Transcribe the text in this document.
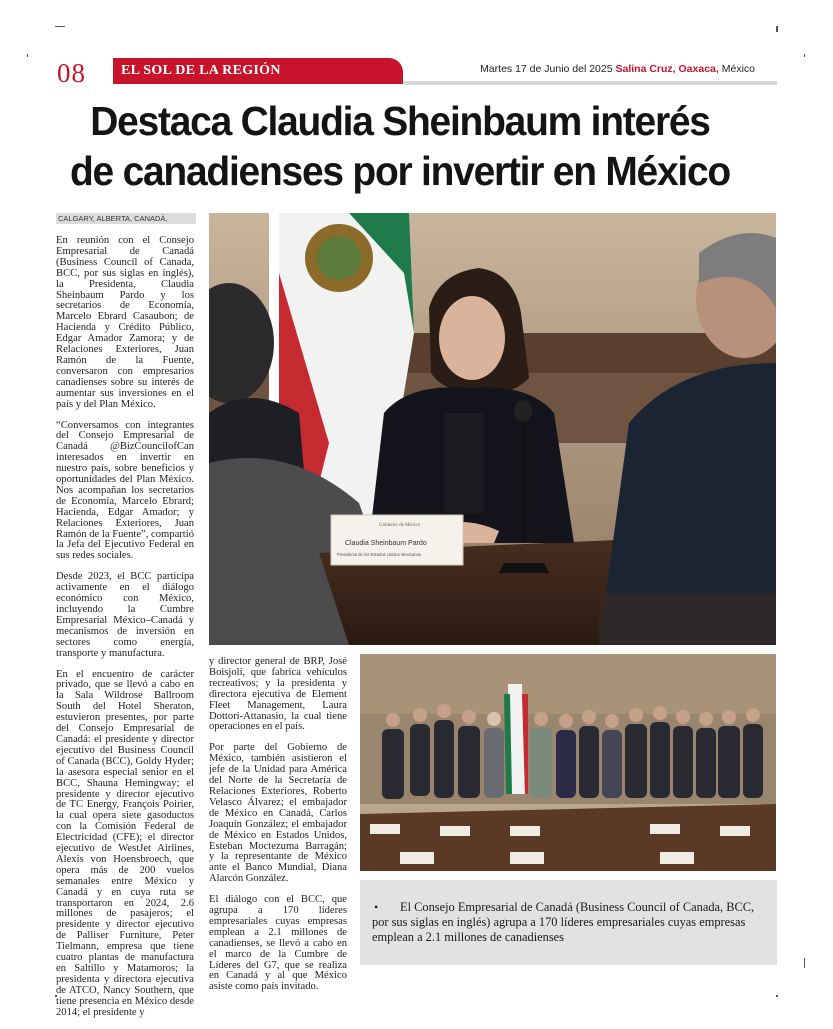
08	EL SOL DE LA REGIÓN	Martes 17 de Junio del 2025 Salina Cruz, Oaxaca, México
Destaca Claudia Sheinbaum interés
de canadienses por invertir en México
CALGARY, ALBERTA, CANADÁ,

En reunión con el Consejo Empresarial de Canadá (Business Council of Canada, BCC, por sus siglas en inglés), la Presidenta, Claudia Sheinbaum Pardo y los secretarios de Economía, Marcelo Ebrard Casaubon; de Hacienda y Crédito Público, Edgar Amador Zamora; y de Relaciones Exteriores, Juan Ramón de la Fuente, conversaron con empresarios canadienses sobre su interés de aumentar sus inversiones en el país y del Plan México.

“Conversamos con integrantes del Consejo Empresarial de Canadá @BizCouncilofCan interesados en invertir en nuestro país, sobre beneficios y oportunidades del Plan México. Nos acompañan los secretarios de Economía, Marcelo Ebrard; Hacienda, Edgar Amador; y Relaciones Exteriores, Juan Ramón de la Fuente”, compartió la Jefa del Ejecutivo Federal en sus redes sociales.

Desde 2023, el BCC participa activamente en el diálogo económico con México, incluyendo la Cumbre Empresarial México–Canadá y mecanismos de inversión en sectores como energía, transporte y manufactura.

En el encuentro de carácter privado, que se llevó a cabo en la Sala Wildrose Ballroom South del Hotel Sheraton, estuvieron presentes, por parte del Consejo Empresarial de Canadá: el presidente y director ejecutivo del Business Council of Canada (BCC), Goldy Hyder; la asesora especial senior en el BCC, Shauna Hemingway; el presidente y director ejecutivo de TC Energy, François Poirier, la cual opera siete gasoductos con la Comisión Federal de Electricidad (CFE); el director ejecutivo de WestJet Airlines, Alexis von Hoensbroech, que opera más de 200 vuelos semanales entre México y Canadá y en cuya ruta se transportaron en 2024, 2.6 millones de pasajeros; el presidente y director ejecutivo de Palliser Furniture, Peter Tielmann, empresa que tiene cuatro plantas de manufactura en Saltillo y Matamoros; la presidenta y directora ejecutiva de ATCO, Nancy Southern, que tiene presencia en México desde 2014; el presidente y

Gobierno de México
Claudia Sheinbaum Pardo
Presidenta de los Estados Unidos Mexicanos

y director general de BRP, José Boisjoli, que fabrica vehículos recreativos; y la presidenta y directora ejecutiva de Element Fleet Management, Laura Dottori-Attanasio, la cual tiene operaciones en el país.

Por parte del Gobierno de México, también asistieron el jefe de la Unidad para América del Norte de la Secretaría de Relaciones Exteriores, Roberto Velasco Álvarez; el embajador de México en Canadá, Carlos Joaquín González; el embajador de México en Estados Unidos, Esteban Moctezuma Barragán; y la representante de México ante el Banco Mundial, Diana Alarcón González.

El diálogo con el BCC, que agrupa a 170 líderes empresariales cuyas empresas emplean a 2.1 millones de canadienses, se llevó a cabo en el marco de la Cumbre de Líderes del G7, que se realiza en Canadá y al que México asiste como país invitado.

•	El Consejo Empresarial de Canadá (Business Council of Canada, BCC, por sus siglas en inglés) agrupa a 170 líderes empresariales cuyas empresas emplean a 2.1 millones de canadienses
